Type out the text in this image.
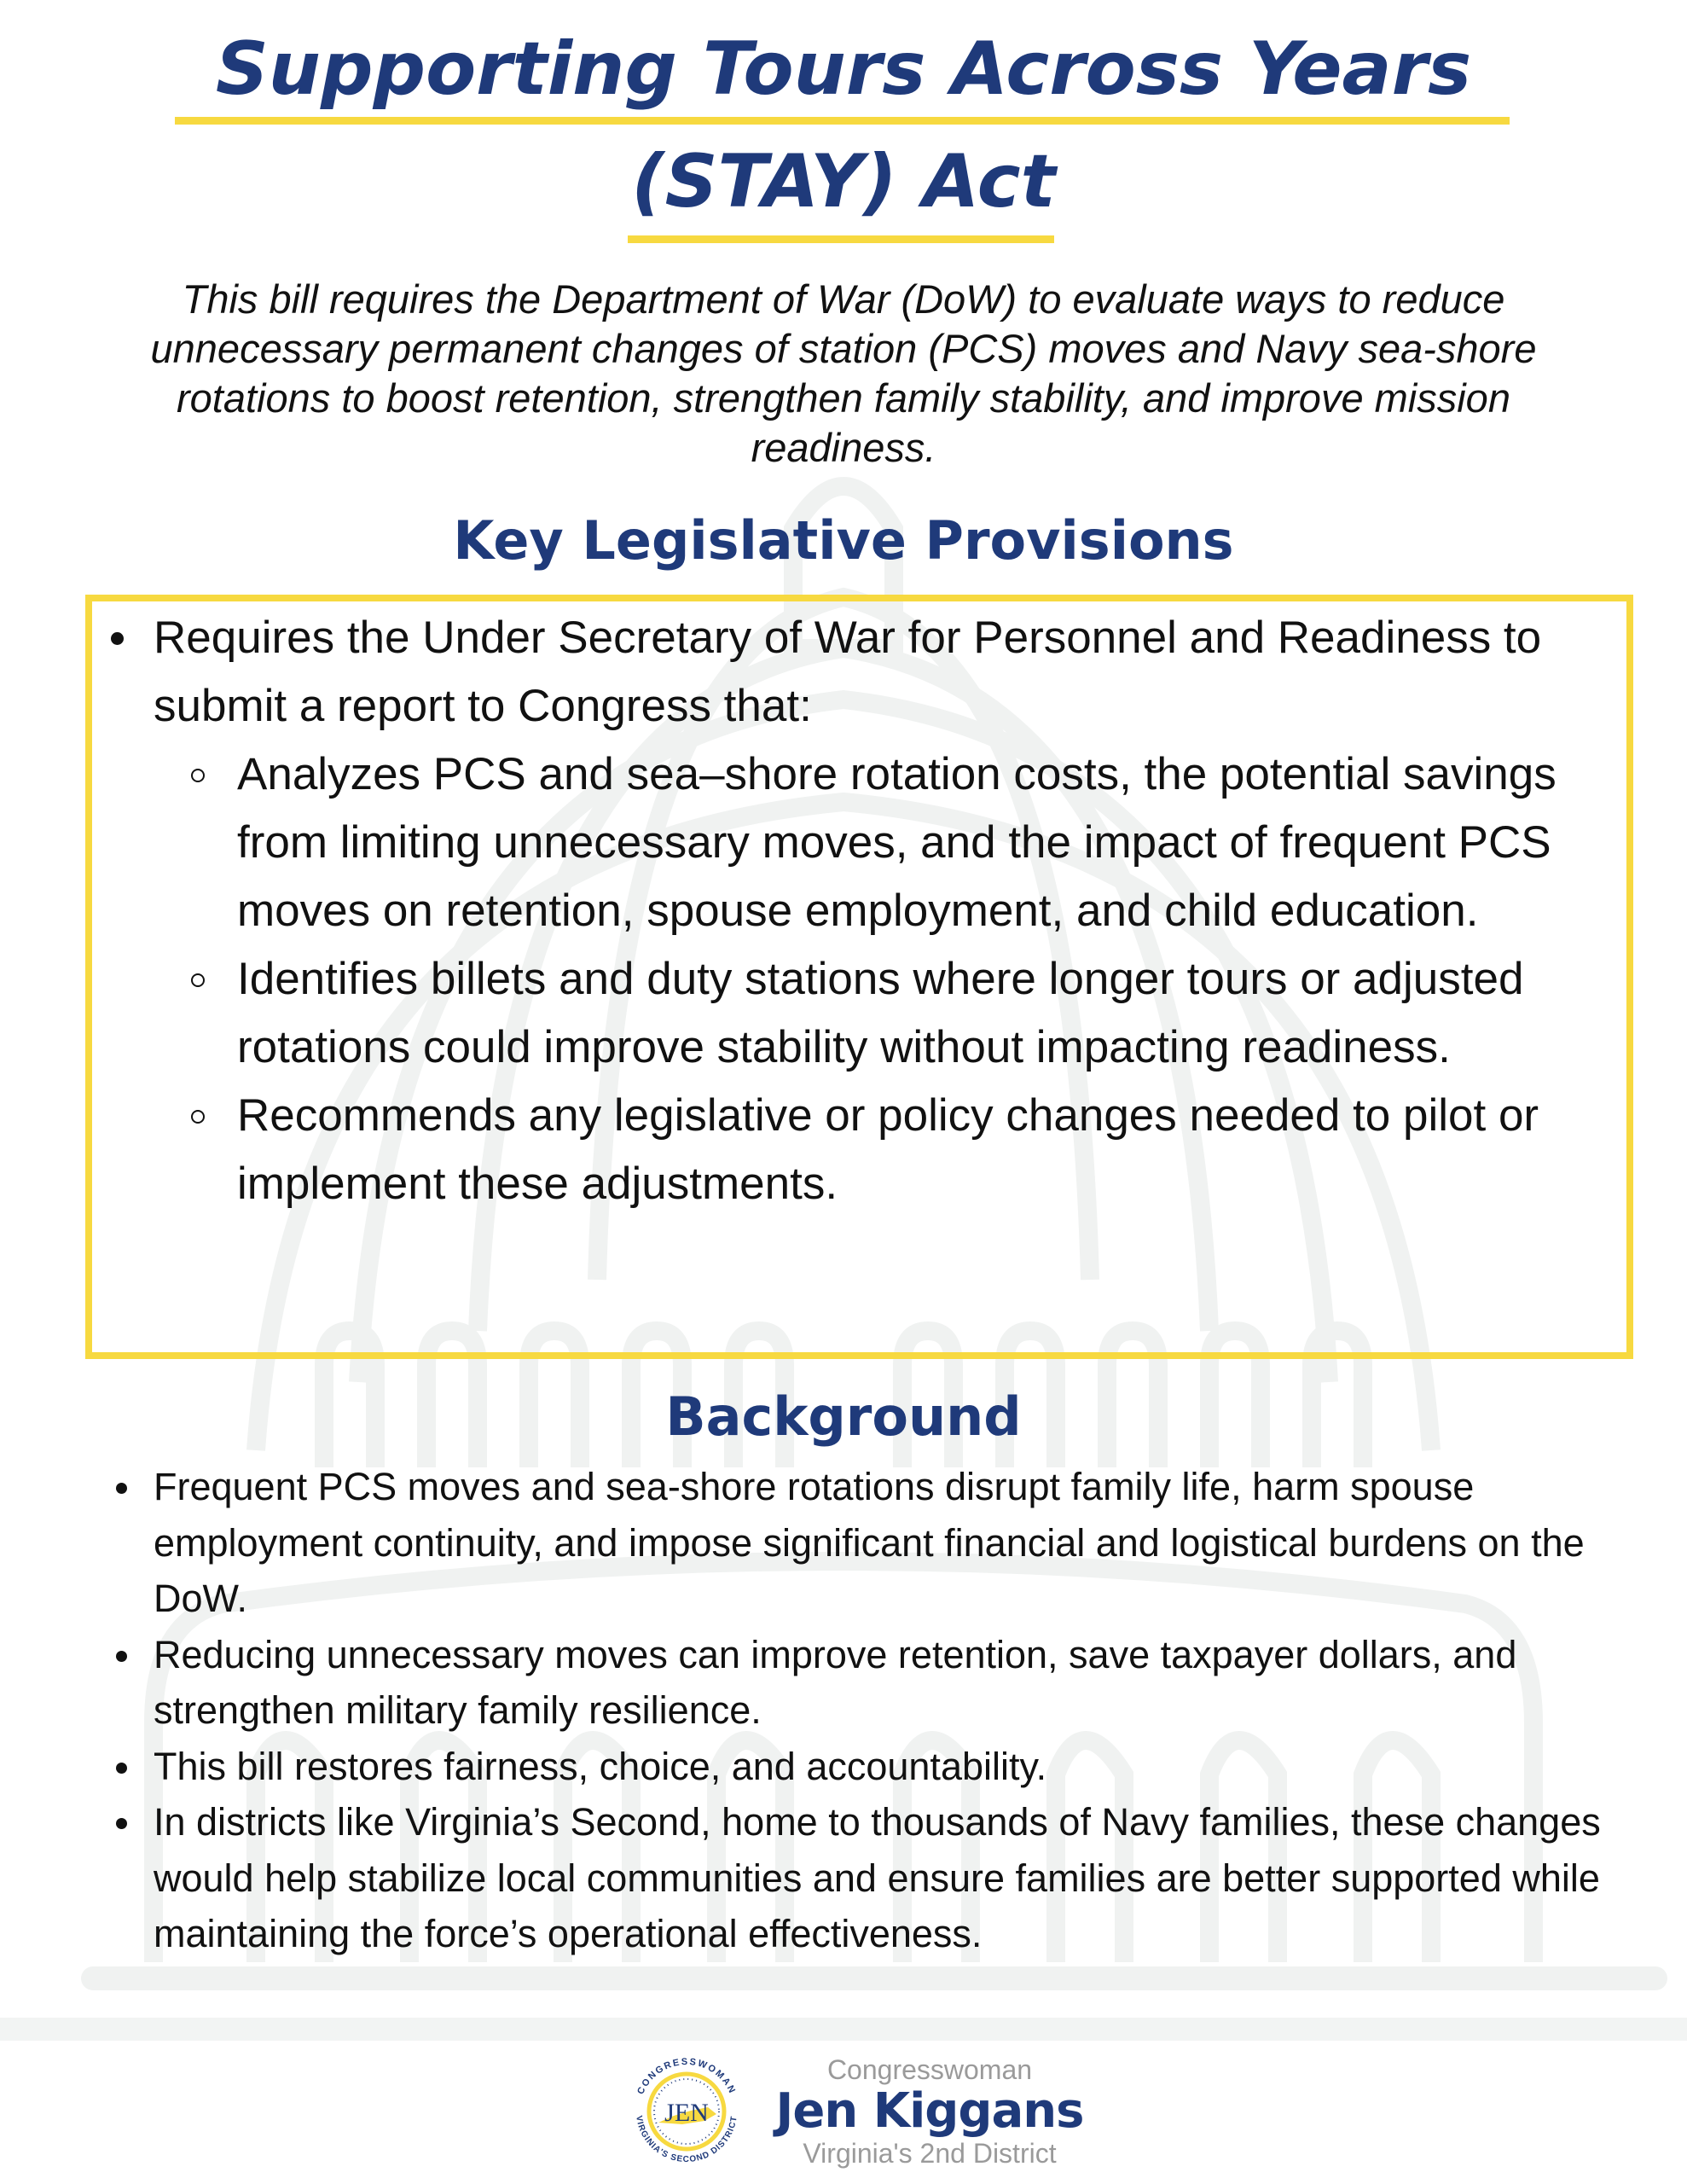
Supporting Tours Across Years
(STAY) Act

This bill requires the Department of War (DoW) to evaluate ways to reduce unnecessary permanent changes of station (PCS) moves and Navy sea-shore rotations to boost retention, strengthen family stability, and improve mission readiness.

Key Legislative Provisions
Requires the Under Secretary of War for Personnel and Readiness to submit a report to Congress that:
Analyzes PCS and sea–shore rotation costs, the potential savings from limiting unnecessary moves, and the impact of frequent PCS moves on retention, spouse employment, and child education.
Identifies billets and duty stations where longer tours or adjusted rotations could improve stability without impacting readiness.
Recommends any legislative or policy changes needed to pilot or implement these adjustments.
Background
Frequent PCS moves and sea-shore rotations disrupt family life, harm spouse employment continuity, and impose significant financial and logistical burdens on the DoW.
Reducing unnecessary moves can improve retention, save taxpayer dollars, and strengthen military family resilience.
This bill restores fairness, choice, and accountability.
In districts like Virginia’s Second, home to thousands of Navy families, these changes would help stabilize local communities and ensure families are better supported while maintaining the force’s operational effectiveness.
JEN
CONGRESSWOMAN
VIRGINIA'S SECOND DISTRICT
Congresswoman
Jen Kiggans
Virginia's 2nd District
